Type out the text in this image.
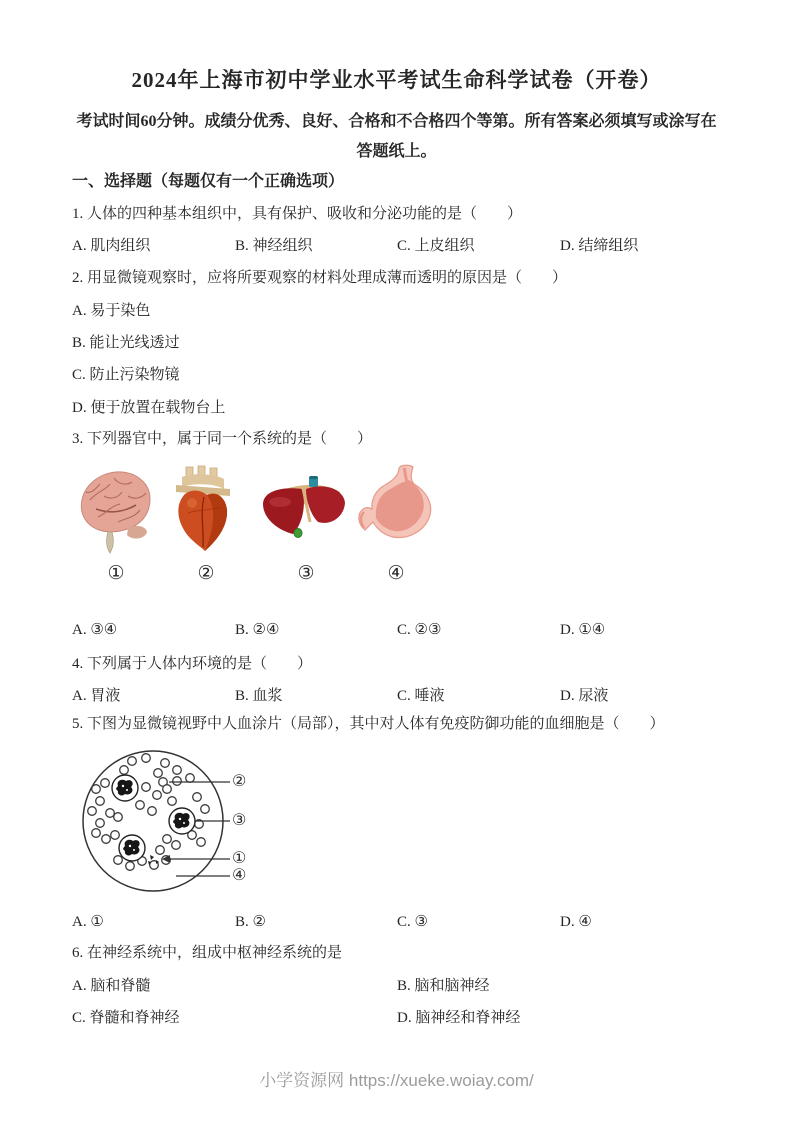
2024年上海市初中学业水平考试生命科学试卷（开卷）
考试时间60分钟。成绩分优秀、良好、合格和不合格四个等第。所有答案必须填写或涂写在
答题纸上。
一、选择题（每题仅有一个正确选项）
1. 人体的四种基本组织中，具有保护、吸收和分泌功能的是（　　）
A. 肌肉组织	B. 神经组织	C. 上皮组织	D. 结缔组织
2. 用显微镜观察时，应将所要观察的材料处理成薄而透明的原因是（　　）
A. 易于染色
B. 能让光线透过
C. 防止污染物镜
D. 便于放置在载物台上
3. 下列器官中，属于同一个系统的是（　　）
①	②	③	④
A. ③④	B. ②④	C. ②③	D. ①④
4. 下列属于人体内环境的是（　　）
A. 胃液	B. 血浆	C. 唾液	D. 尿液
5. 下图为显微镜视野中人血涂片（局部），其中对人体有免疫防御功能的血细胞是（　　）
②
③
①
④
A. ①	B. ②	C. ③	D. ④
6. 在神经系统中，组成中枢神经系统的是
A. 脑和脊髓	B. 脑和脑神经
C. 脊髓和脊神经	D. 脑神经和脊神经
小学资源网 https://xueke.woiay.com/
